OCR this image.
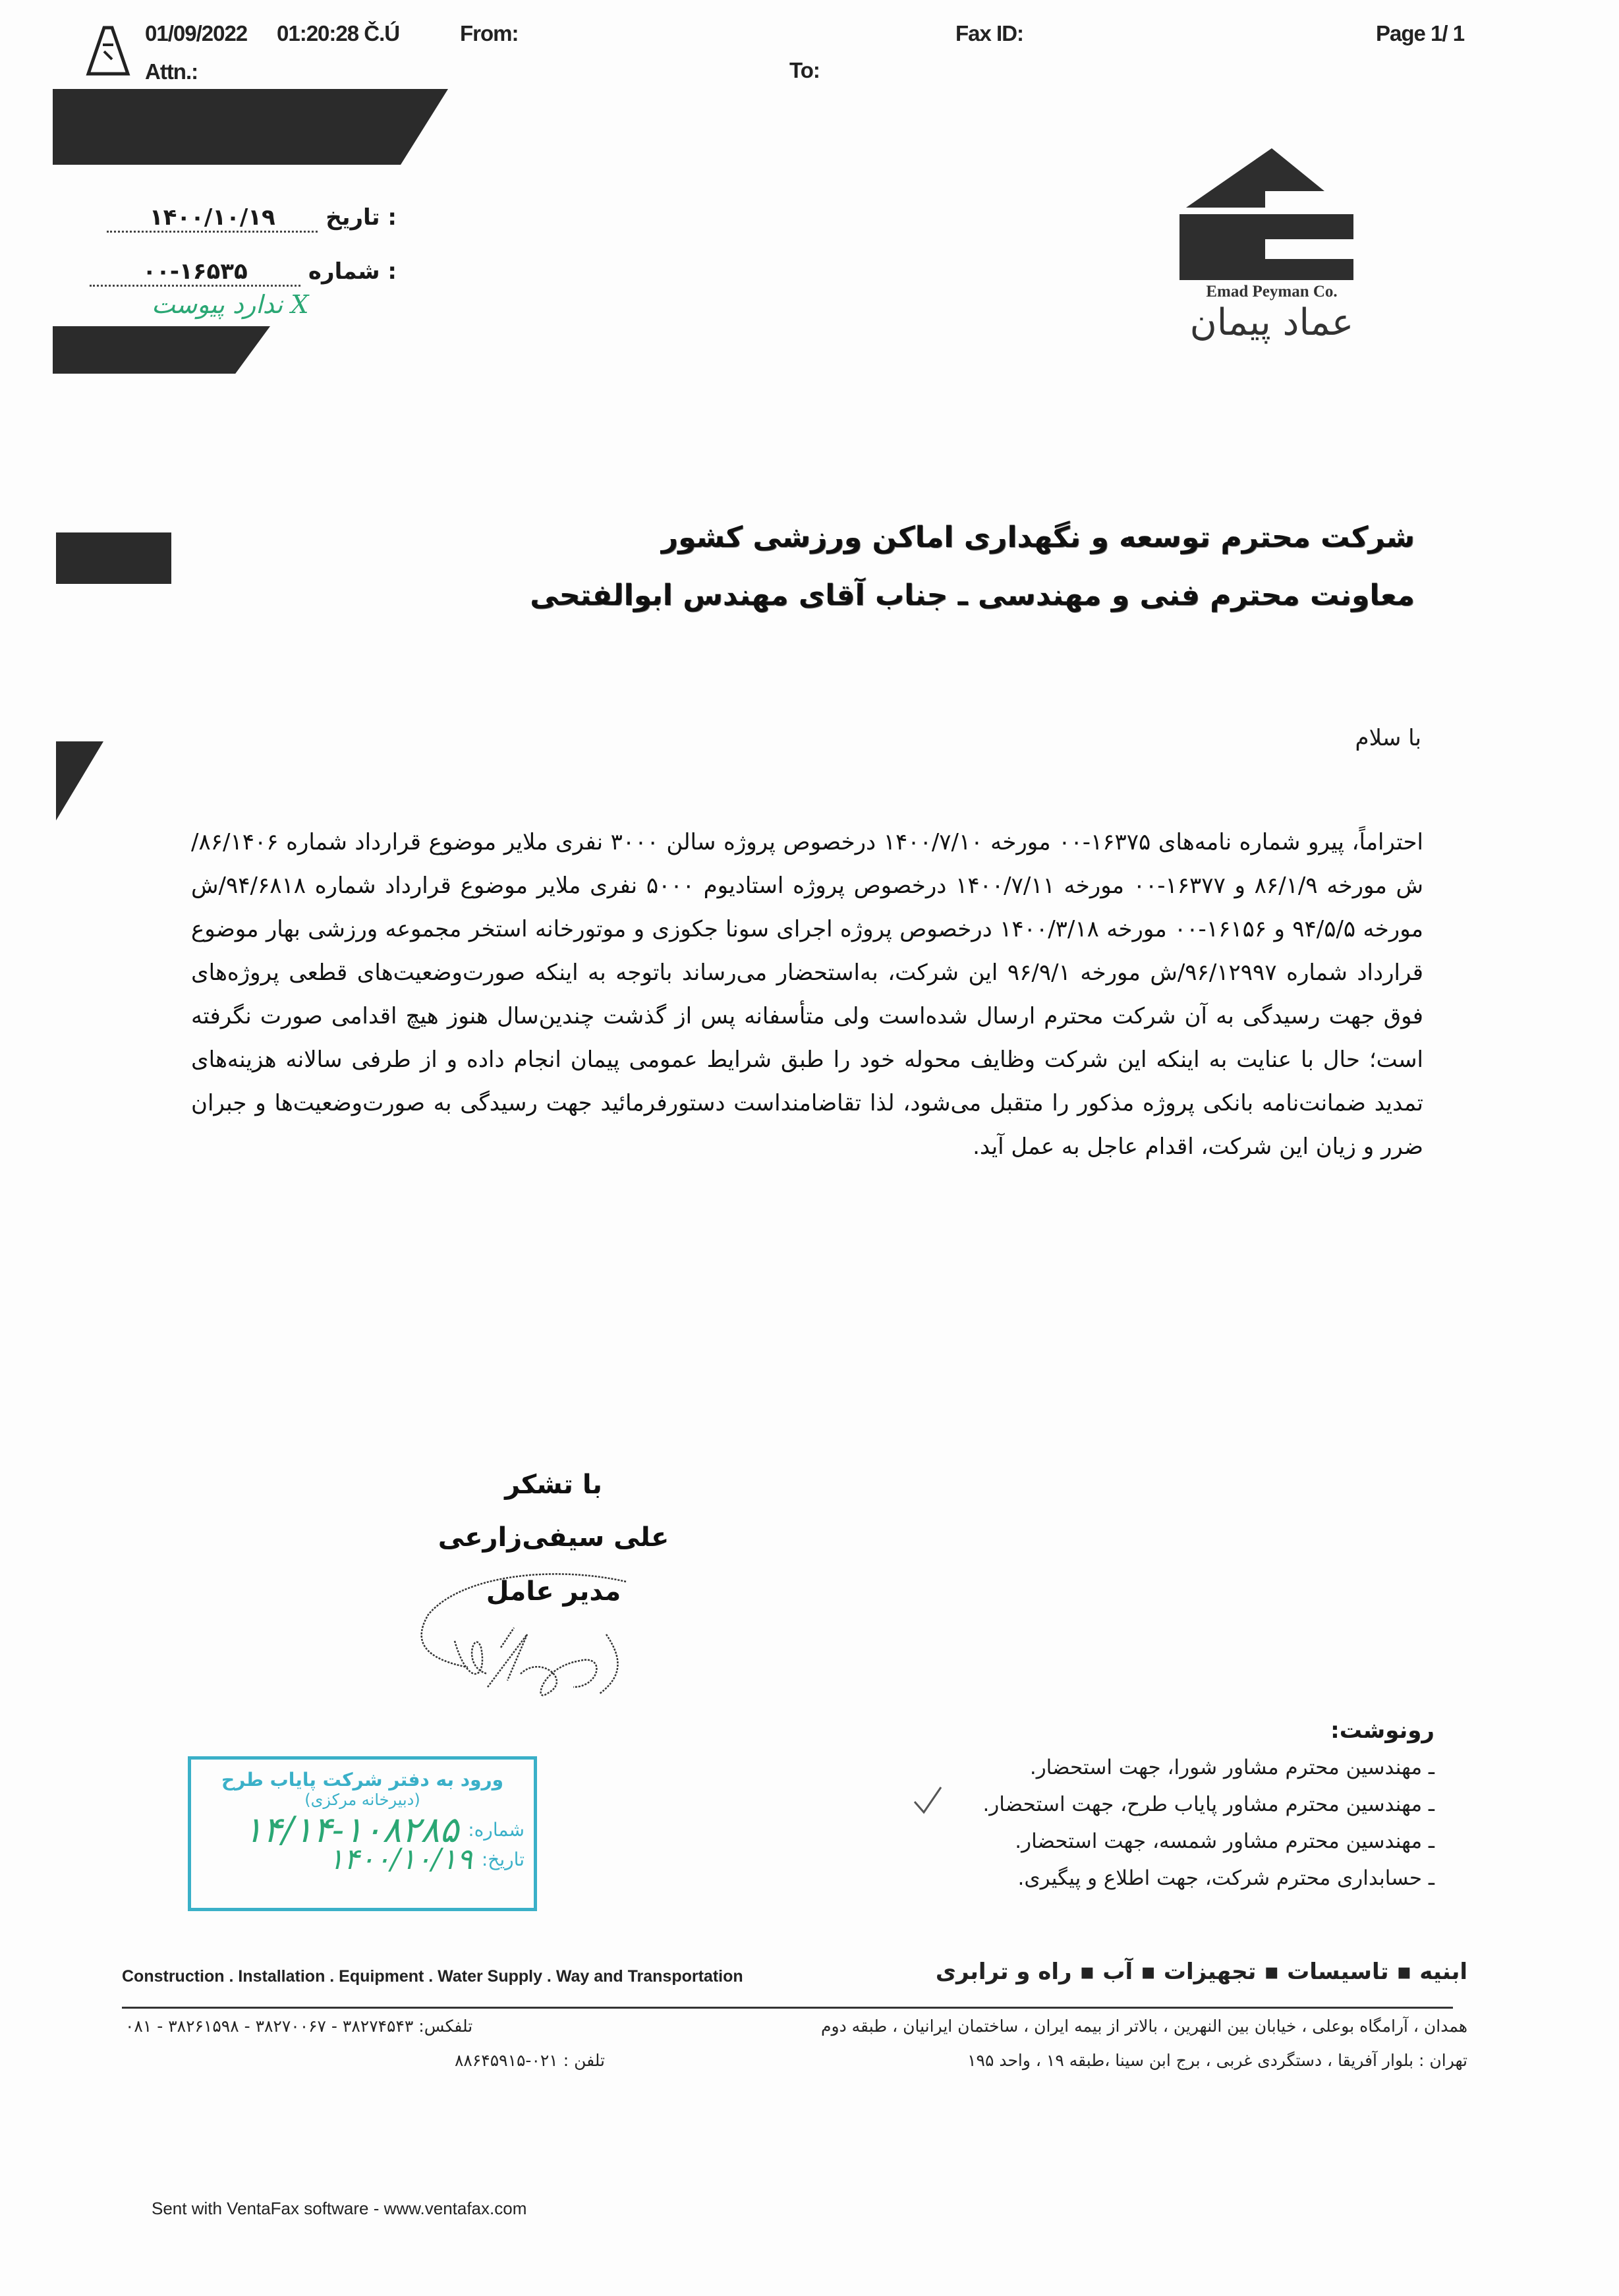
01/09/2022 01:20:28 Č.Ú	From:	Fax ID:	Page 1/ 1
Attn.:	To:
: تاریخ ۱۴۰۰/۱۰/۱۹
: شماره ۰۰-۱۶۵۳۵
X ندارد پیوست	Emad Peyman Co.
عماد پیمان
شرکت محترم توسعه و نگهداری اماکن ورزشی کشور
معاونت محترم فنی و مهندسی ـ جناب آقای مهندس ابوالفتحی
با سلام
احتراماً، پیرو شماره نامه‌های ۱۶۳۷۵-۰۰ مورخه ۱۴۰۰/۷/۱۰ درخصوص پروژه سالن ۳۰۰۰ نفری ملایر موضوع قرارداد شماره ۸۶/۱۴۰۶/ش مورخه ۸۶/۱/۹ و ۱۶۳۷۷-۰۰ مورخه ۱۴۰۰/۷/۱۱ درخصوص پروژه استادیوم ۵۰۰۰ نفری ملایر موضوع قرارداد شماره ۹۴/۶۸۱۸/ش مورخه ۹۴/۵/۵ و ۱۶۱۵۶-۰۰ مورخه ۱۴۰۰/۳/۱۸ درخصوص پروژه اجرای سونا جکوزی و موتورخانه استخر مجموعه ورزشی بهار موضوع قرارداد شماره ۹۶/۱۲۹۹۷/ش مورخه ۹۶/۹/۱ این شرکت، به‌استحضار می‌رساند باتوجه به اینکه صورت‌وضعیت‌های قطعی پروژه‌های فوق جهت رسیدگی به آن شرکت محترم ارسال شده‌است ولی متأسفانه پس از گذشت چندین‌سال هنوز هیچ اقدامی صورت نگرفته است؛ حال با عنایت به اینکه این شرکت وظایف محوله خود را طبق شرایط عمومی پیمان انجام داده و از طرفی سالانه هزینه‌های تمدید ضمانت‌نامه بانکی پروژه مذکور را متقبل می‌شود، لذا تقاضامنداست دستورفرمائید جهت رسیدگی به صورت‌وضعیت‌ها و جبران ضرر و زیان این شرکت، اقدام عاجل به عمل آید.
با تشکر
علی سیفی‌زارعی
مدیر عامل
رونوشت:
ـ مهندسین محترم مشاور شورا، جهت استحضار.
ـ مهندسین محترم مشاور پایاب طرح، جهت استحضار.
ـ مهندسین محترم مشاور شمسه، جهت استحضار.
ـ حسابداری محترم شرکت، جهت اطلاع و پیگیری.
ورود به دفتر شرکت پایاب طرح
(دبیرخانه مرکزی)
شماره:
۱۴/۱۴-۱۰۸۲۸۵
تاریخ:
۱۴۰۰/۱۰/۱۹
Construction . Installation . Equipment . Water Supply . Way and Transportation	ابنیه ▪ تاسیسات ▪ تجهیزات ▪ آب ▪ راه و ترابری
همدان ، آرامگاه بوعلی ، خیابان بین النهرین ، بالاتر از بیمه ایران ، ساختمان ایرانیان ، طبقه دوم
تلفکس: ۳۸۲۷۴۵۴۳ - ۳۸۲۷۰۰۶۷ - ۳۸۲۶۱۵۹۸ - ۰۸۱
تهران : بلوار آفریقا ، دستگردی غربی ، برج ابن سینا ،طبقه ۱۹ ، واحد ۱۹۵
تلفن : ۰۲۱-۸۸۶۴۵۹۱۵
Sent with VentaFax software - www.ventafax.com
